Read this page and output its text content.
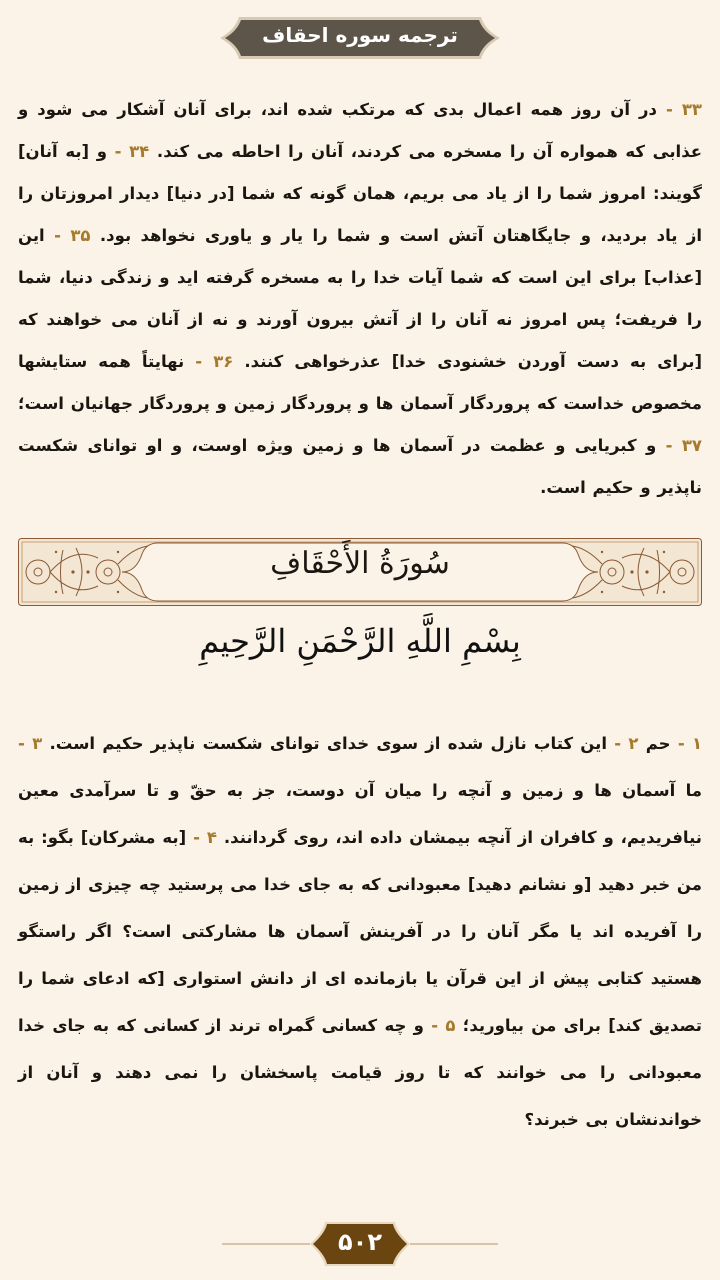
ترجمه سوره احقاف
۳۳ - در آن روز همه اعمال بدی که مرتکب شده اند، برای آنان آشکار می شود و عذابی که همواره آن را مسخره می کردند، آنان را احاطه می کند. ۳۴ - و [به آنان] گویند: امروز شما را از یاد می بریم، همان گونه که شما [در دنیا] دیدار امروزتان را از یاد بردید، و جایگاهتان آتش است و شما را یار و یاوری نخواهد بود. ۳۵ - این [عذاب] برای این است که شما آیات خدا را به مسخره گرفته اید و زندگی دنیا، شما را فریفت؛ پس امروز نه آنان را از آتش بیرون آورند و نه از آنان می خواهند که [برای به دست آوردن خشنودی خدا] عذرخواهی کنند. ۳۶ - نهایتاً همه ستایشها مخصوص خداست که پروردگار آسمان ها و پروردگار زمین و پروردگار جهانیان است؛ ۳۷ - و کبریایی و عظمت در آسمان ها و زمین ویژه اوست، و او توانای شکست ناپذیر و حکیم است.
سُورَةُ الأَحْقَافِ
بِسْمِ اللَّهِ الرَّحْمَنِ الرَّحِيمِ
۱ - حم ۲ - این کتاب نازل شده از سوی خدای توانای شکست ناپذیر حکیم است. ۳ - ما آسمان ها و زمین و آنچه را میان آن دوست، جز به حقّ و تا سرآمدی معین نیافریدیم، و کافران از آنچه بیمشان داده اند، روی گردانند. ۴ - [به مشرکان] بگو: به من خبر دهید [و نشانم دهید] معبودانی که به جای خدا می پرستید چه چیزی از زمین را آفریده اند یا مگر آنان را در آفرینش آسمان ها مشارکتی است؟ اگر راستگو هستید کتابی پیش از این قرآن یا بازمانده ای از دانش استواری [که ادعای شما را تصدیق کند] برای من بیاورید؛ ۵ - و چه کسانی گمراه ترند از کسانی که به جای خدا معبودانی را می خوانند که تا روز قیامت پاسخشان را نمی دهند و آنان از خواندنشان بی خبرند؟
۵۰۲
